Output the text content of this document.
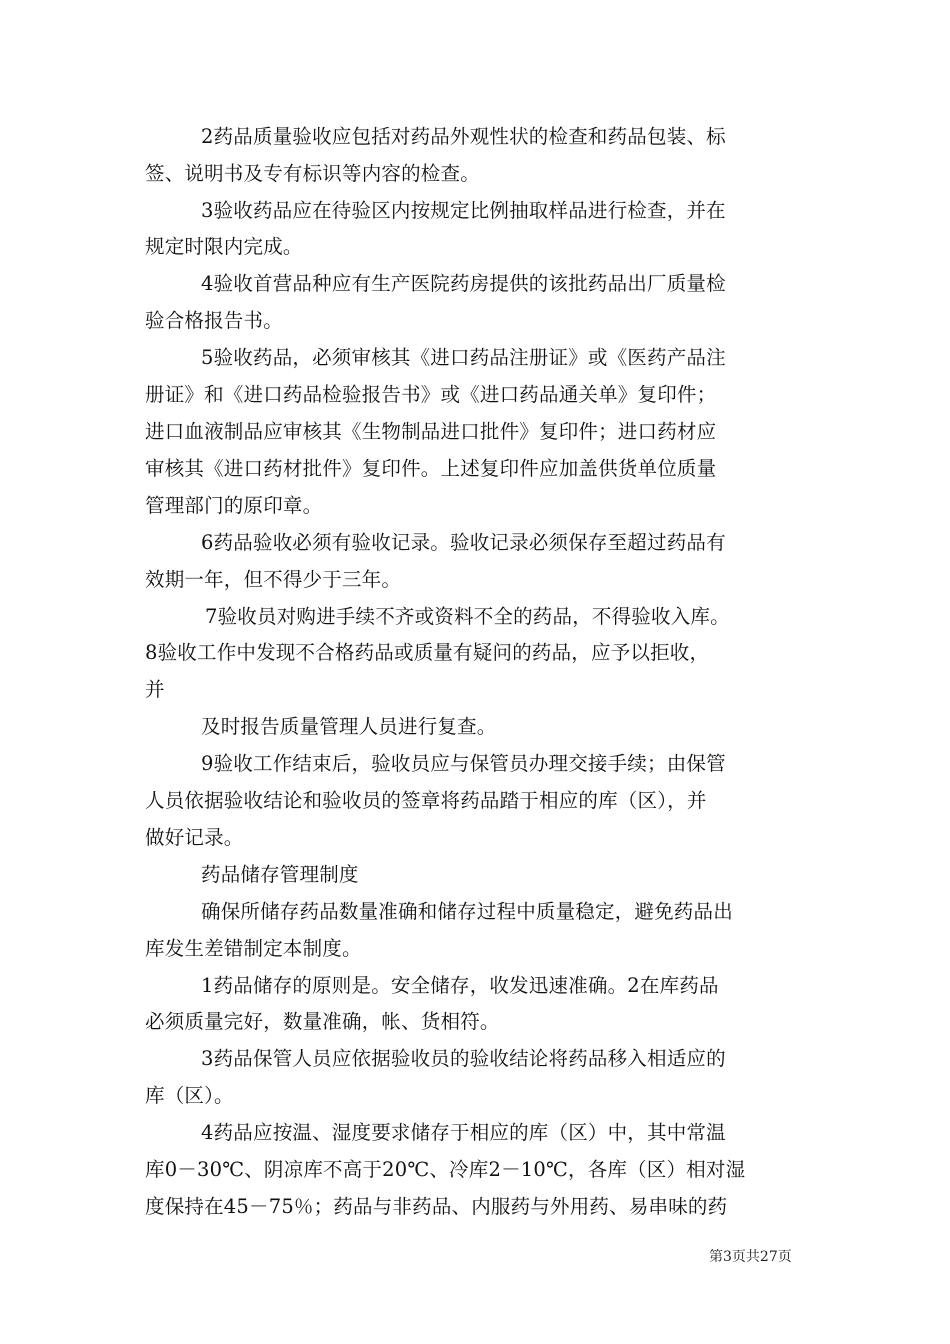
2药品质量验收应包括对药品外观性状的检查和药品包装、标
签、说明书及专有标识等内容的检查。
3验收药品应在待验区内按规定比例抽取样品进行检查，并在
规定时限内完成。
4验收首营品种应有生产医院药房提供的该批药品出厂质量检
验合格报告书。
5验收药品，必须审核其《进口药品注册证》或《医药产品注
册证》和《进口药品检验报告书》或《进口药品通关单》复印件；
进口血液制品应审核其《生物制品进口批件》复印件；进口药材应
审核其《进口药材批件》复印件。上述复印件应加盖供货单位质量
管理部门的原印章。
6药品验收必须有验收记录。验收记录必须保存至超过药品有
效期一年，但不得少于三年。
7验收员对购进手续不齐或资料不全的药品，不得验收入库。
8验收工作中发现不合格药品或质量有疑问的药品，应予以拒收，
并
及时报告质量管理人员进行复查。
9验收工作结束后，验收员应与保管员办理交接手续；由保管
人员依据验收结论和验收员的签章将药品踏于相应的库（区），并
做好记录。
药品储存管理制度
确保所储存药品数量准确和储存过程中质量稳定，避免药品出
库发生差错制定本制度。
1药品储存的原则是。安全储存，收发迅速准确。2在库药品
必须质量完好，数量准确，帐、货相符。
3药品保管人员应依据验收员的验收结论将药品移入相适应的
库（区）。
4药品应按温、湿度要求储存于相应的库（区）中，其中常温
库0－30℃、阴凉库不高于20℃、冷库2－10℃，各库（区）相对湿
度保持在45－75％；药品与非药品、内服药与外用药、易串味的药
第3页共27页
